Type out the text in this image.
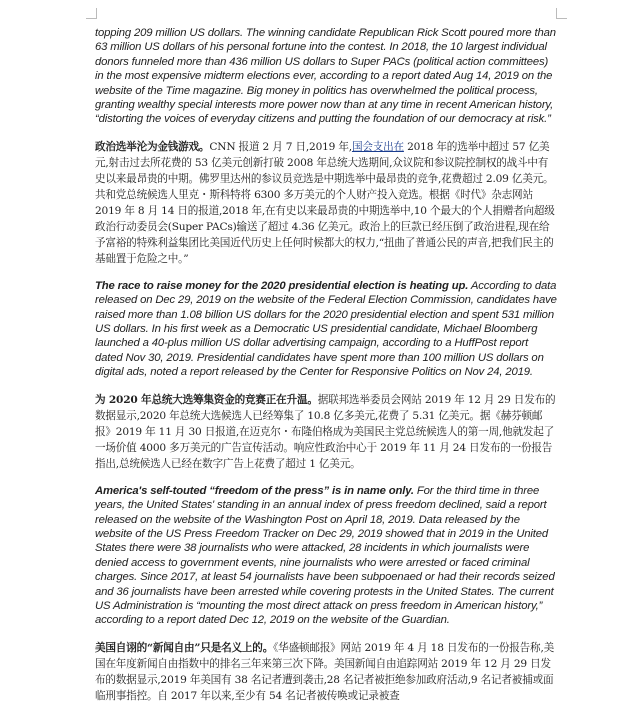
topping 209 million US dollars. The winning candidate Republican Rick Scott poured more than 63 million US dollars of his personal fortune into the contest. In 2018, the 10 largest individual donors funneled more than 436 million US dollars to Super PACs (political action committees) in the most expensive midterm elections ever, according to a report dated Aug 14, 2019 on the website of the Time magazine. Big money in politics has overwhelmed the political process, granting wealthy special interests more power now than at any time in recent American history, “distorting the voices of everyday citizens and putting the foundation of our democracy at risk.”

政治选举沦为金钱游戏。CNN 报道 2 月 7 日,2019 年,国会支出在 2018 年的选举中超过 57 亿美元,射击过去所花费的 53 亿美元创新打破 2008 年总统大选期间,众议院和参议院控制权的战斗中有史以来最昂贵的中期。佛罗里达州的参议员竞选是中期选举中最昂贵的竞争,花费超过 2.09 亿美元。共和党总统候选人里克・斯科特将 6300 多万美元的个人财产投入竞选。根据《时代》杂志网站 2019 年 8 月 14 日的报道,2018 年,在有史以来最昂贵的中期选举中,10 个最大的个人捐赠者向超级政治行动委员会(Super PACs)输送了超过 4.36 亿美元。政治上的巨款已经压倒了政治进程,现在给予富裕的特殊利益集团比美国近代历史上任何时候都大的权力,“扭曲了普通公民的声音,把我们民主的基础置于危险之中。”

The race to raise money for the 2020 presidential election is heating up. According to data released on Dec 29, 2019 on the website of the Federal Election Commission, candidates have raised more than 1.08 billion US dollars for the 2020 presidential election and spent 531 million US dollars. In his first week as a Democratic US presidential candidate, Michael Bloomberg launched a 40-plus million US dollar advertising campaign, according to a HuffPost report dated Nov 30, 2019. Presidential candidates have spent more than 100 million US dollars on digital ads, noted a report released by the Center for Responsive Politics on Nov 24, 2019.

为 2020 年总统大选筹集资金的竞赛正在升温。据联邦选举委员会网站 2019 年 12 月 29 日发布的数据显示,2020 年总统大选候选人已经筹集了 10.8 亿多美元,花费了 5.31 亿美元。据《赫芬顿邮报》2019 年 11 月 30 日报道,在迈克尔・布隆伯格成为美国民主党总统候选人的第一周,他就发起了一场价值 4000 多万美元的广告宣传活动。响应性政治中心于 2019 年 11 月 24 日发布的一份报告指出,总统候选人已经在数字广告上花费了超过 1 亿美元。

America's self-touted “freedom of the press” is in name only. For the third time in three years, the United States' standing in an annual index of press freedom declined, said a report released on the website of the Washington Post on April 18, 2019. Data released by the website of the US Press Freedom Tracker on Dec 29, 2019 showed that in 2019 in the United States there were 38 journalists who were attacked, 28 incidents in which journalists were denied access to government events, nine journalists who were arrested or faced criminal charges. Since 2017, at least 54 journalists have been subpoenaed or had their records seized and 36 journalists have been arrested while covering protests in the United States. The current US Administration is “mounting the most direct attack on press freedom in American history,” according to a report dated Dec 12, 2019 on the website of the Guardian.

美国自诩的“新闻自由”只是名义上的。《华盛顿邮报》网站 2019 年 4 月 18 日发布的一份报告称,美国在年度新闻自由指数中的排名三年来第三次下降。美国新闻自由追踪网站 2019 年 12 月 29 日发布的数据显示,2019 年美国有 38 名记者遭到袭击,28 名记者被拒绝参加政府活动,9 名记者被捕或面临刑事指控。自 2017 年以来,至少有 54 名记者被传唤或记录被查
